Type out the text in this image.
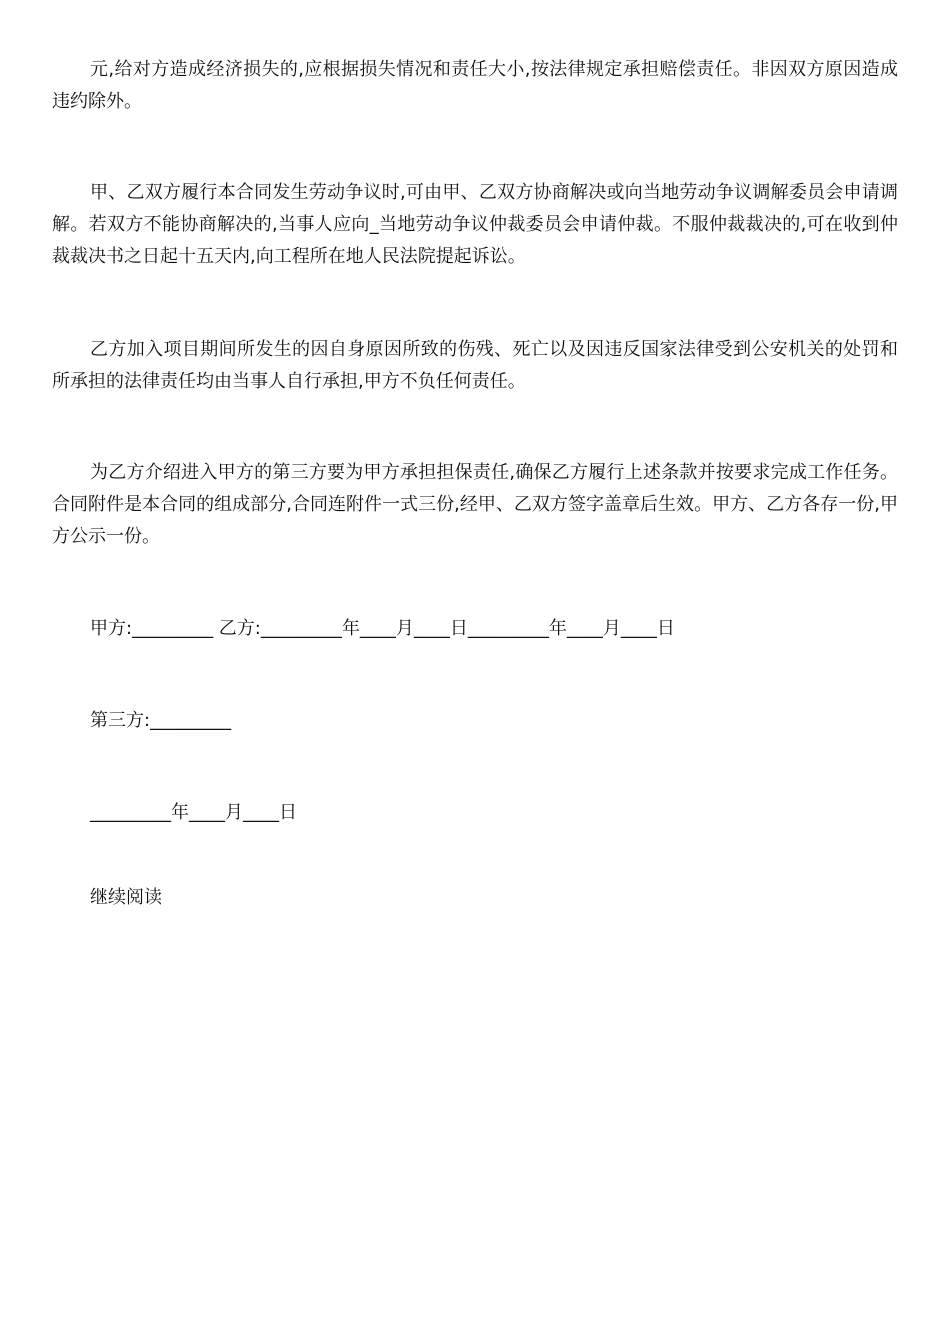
元,给对方造成经济损失的,应根据损失情况和责任大小,按法律规定承担赔偿责任。非因双方原因造成违约除外。

甲、乙双方履行本合同发生劳动争议时,可由甲、乙双方协商解决或向当地劳动争议调解委员会申请调解。若双方不能协商解决的,当事人应向_当地劳动争议仲裁委员会申请仲裁。不服仲裁裁决的,可在收到仲裁裁决书之日起十五天内,向工程所在地人民法院提起诉讼。

乙方加入项目期间所发生的因自身原因所致的伤残、死亡以及因违反国家法律受到公安机关的处罚和所承担的法律责任均由当事人自行承担,甲方不负任何责任。

为乙方介绍进入甲方的第三方要为甲方承担担保责任,确保乙方履行上述条款并按要求完成工作任务。合同附件是本合同的组成部分,合同连附件一式三份,经甲、乙双方签字盖章后生效。甲方、乙方各存一份,甲方公示一份。

甲方:_________ 乙方:_________年____月____日_________年____月____日

第三方:_________

_________年____月____日

继续阅读
